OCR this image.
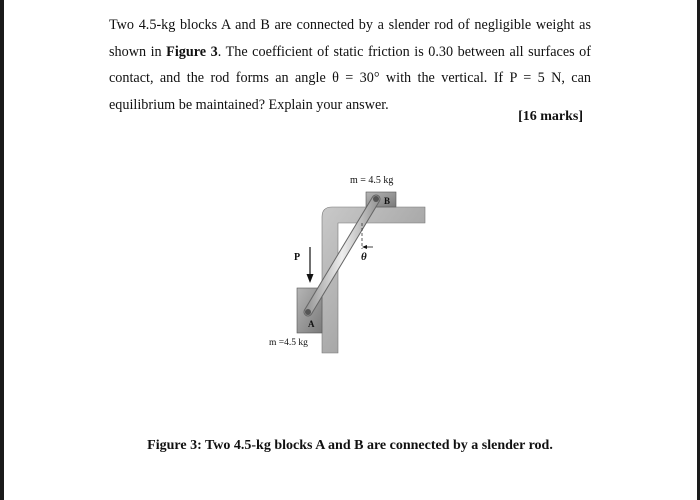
Two 4.5-kg blocks A and B are connected by a slender rod of negligible weight as shown in Figure 3. The coefficient of static friction is 0.30 between all surfaces of contact, and the rod forms an angle θ = 30° with the vertical. If P = 5 N, can equilibrium be maintained? Explain your answer.

[16 marks]
B
A
θ
P
m = 4.5 kg
m =4.5 kg
Figure 3: Two 4.5-kg blocks A and B are connected by a slender rod.
